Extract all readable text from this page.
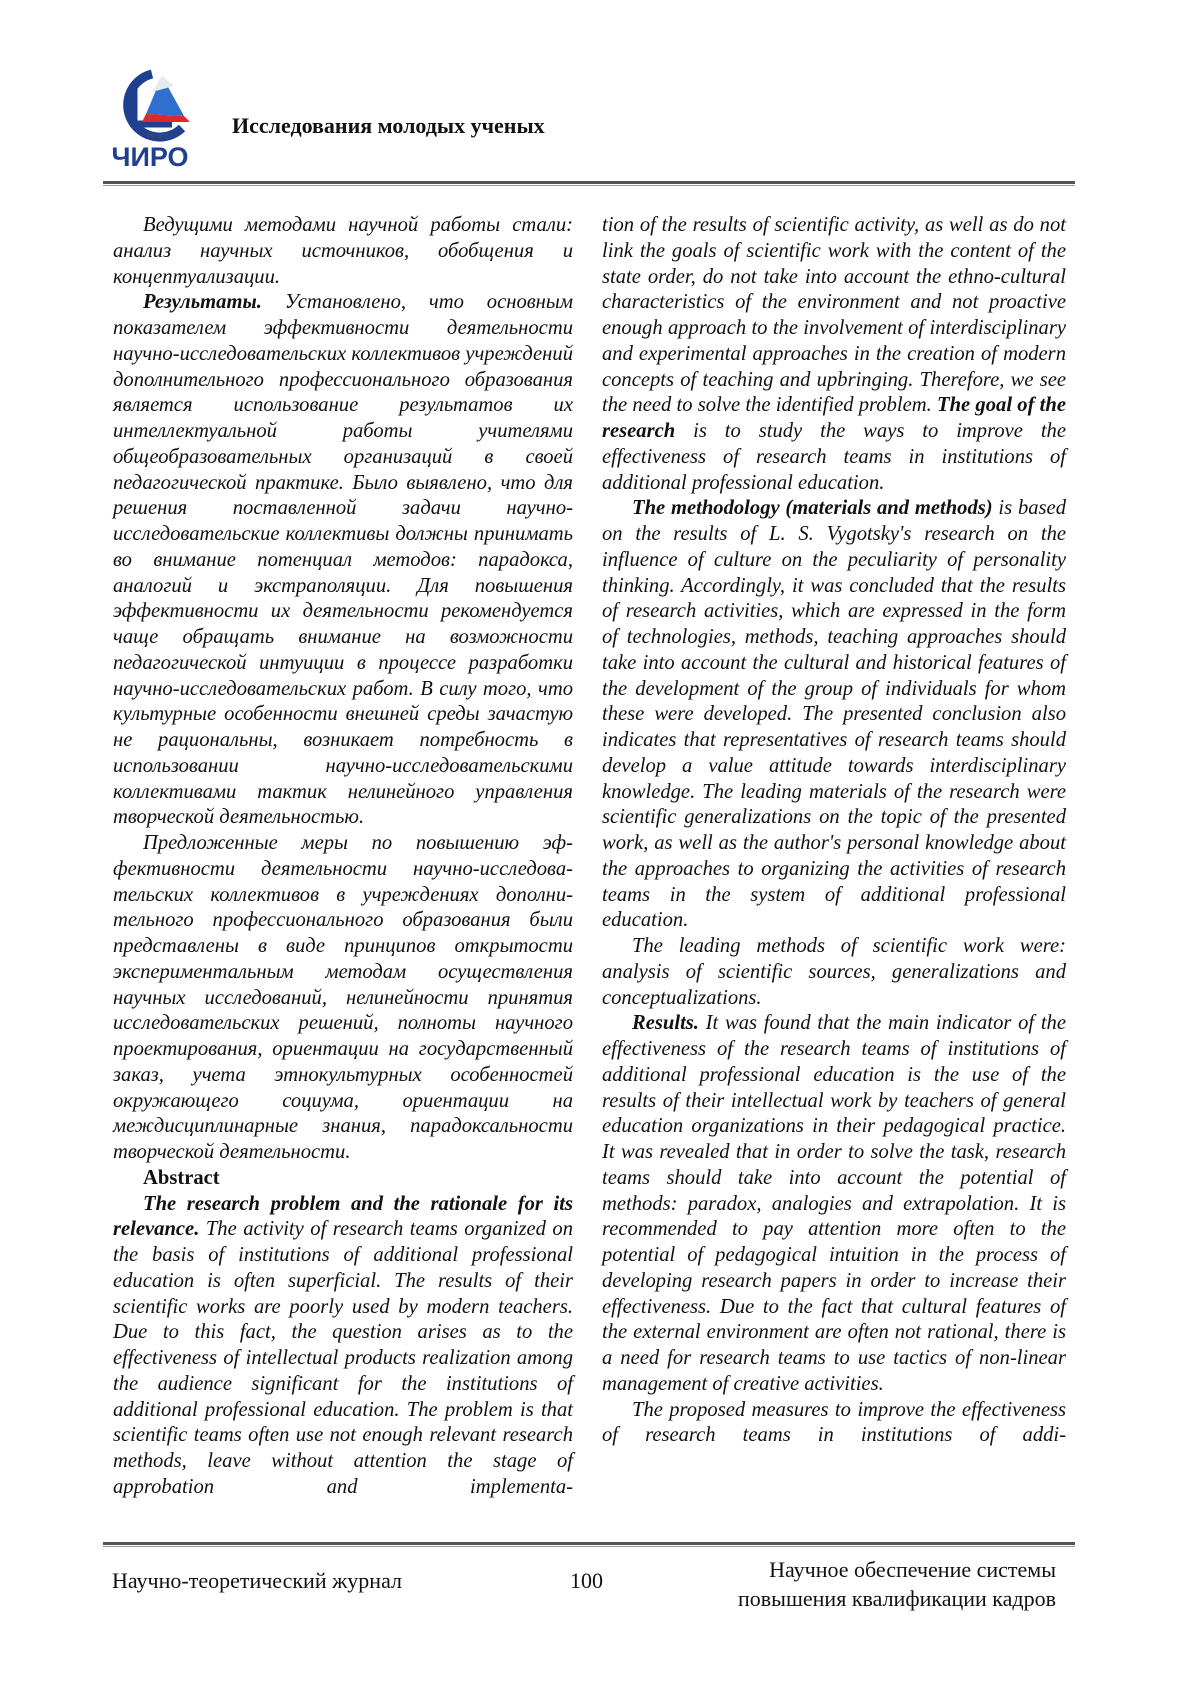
ГБУ ДПО
ЧИРО
Исследования молодых ученых

Ведущими методами научной работы стали: анализ научных источников, обобщения и концептуализации.

Результаты. Установлено, что основным показателем эффективности деятельности научно-исследовательских коллективов учре­ждений дополнительного профессионального образования является использование резуль­татов их интеллектуальной работы учителя­ми общеобразовательных организаций в своей педагогической практике. Было выявлено, что для решения поставленной задачи научно-исследовательские коллективы должны при­нимать во внимание потенциал методов: па­радокса, аналогий и экстраполяции. Для повы­шения эффективности их деятельности реко­мендуется чаще обращать внимание на воз­можности педагогической интуиции в процес­се разработки научно-исследовательских ра­бот. В силу того, что культурные особенности внешней среды зачастую не рациональны, воз­никает потребность в использовании научно-исследовательскими коллективами тактик нелинейного управления творческой деятельно­стью.

Предложенные меры по повышению эф­фективности деятельности научно-исследова­тельских коллективов в учреждениях дополни­тельного профессионального образования были представлены в виде принципов открытости экспериментальным методам осуществления научных исследований, нелинейности принятия исследовательских решений, полноты научного проектирования, ориентации на государствен­ный заказ, учета этнокультурных особенно­стей окружающего социума, ориентации на междисциплинарные знания, парадоксально­сти творческой деятельности.

Abstract

The research problem and the rationale for its relevance. The activity of research teams orga­nized on the basis of institutions of additional pro­fessional education is often superficial. The results of their scientific works are poorly used by modern teachers. Due to this fact, the question arises as to the effectiveness of intellectual products realiza­tion among the audience significant for the institu­tions of additional professional education. The problem is that scientific teams often use not enough relevant research methods, leave without attention the stage of approbation and implementa-

tion of the results of scientific activity, as well as do not link the goals of scientific work with the content of the state order, do not take into account the ethno-cultural characteristics of the environ­ment and not proactive enough approach to the involvement of interdisciplinary and experimental approaches in the creation of modern concepts of teaching and upbringing. Therefore, we see the need to solve the identified problem. The goal of the research is to study the ways to improve the effectiveness of research teams in institutions of additional professional education.

The methodology (materials and methods) is based on the results of L. S. Vygotsky's research on the influence of culture on the peculiarity of per­sonality thinking. Accordingly, it was concluded that the results of research activities, which are expressed in the form of technologies, methods, teaching approaches should take into account the cultural and historical features of the development of the group of individuals for whom these were developed. The presented conclusion also indicates that representatives of research teams should de­velop a value attitude towards interdisciplinary knowledge. The leading materials of the research were scientific generalizations on the topic of the presented work, as well as the author's personal knowledge about the approaches to organizing the activities of research teams in the system of addi­tional professional education.

The leading methods of scientific work were: analysis of scientific sources, generalizations and conceptualizations.

Results. It was found that the main indicator of the effectiveness of the research teams of institu­tions of additional professional education is the use of the results of their intellectual work by teachers of general education organizations in their pedagogical practice. It was revealed that in order to solve the task, research teams should take into account the potential of methods: paradox, analogies and extrapolation. It is recommended to pay attention more often to the potential of peda­gogical intuition in the process of developing re­search papers in order to increase their effective­ness. Due to the fact that cultural features of the external environment are often not rational, there is a need for research teams to use tactics of non-linear management of creative activities.

The proposed measures to improve the effec­tiveness of research teams in institutions of addi-

Научно-теоретический журнал	100	Научное обеспечение системы
повышения квалификации кадров
